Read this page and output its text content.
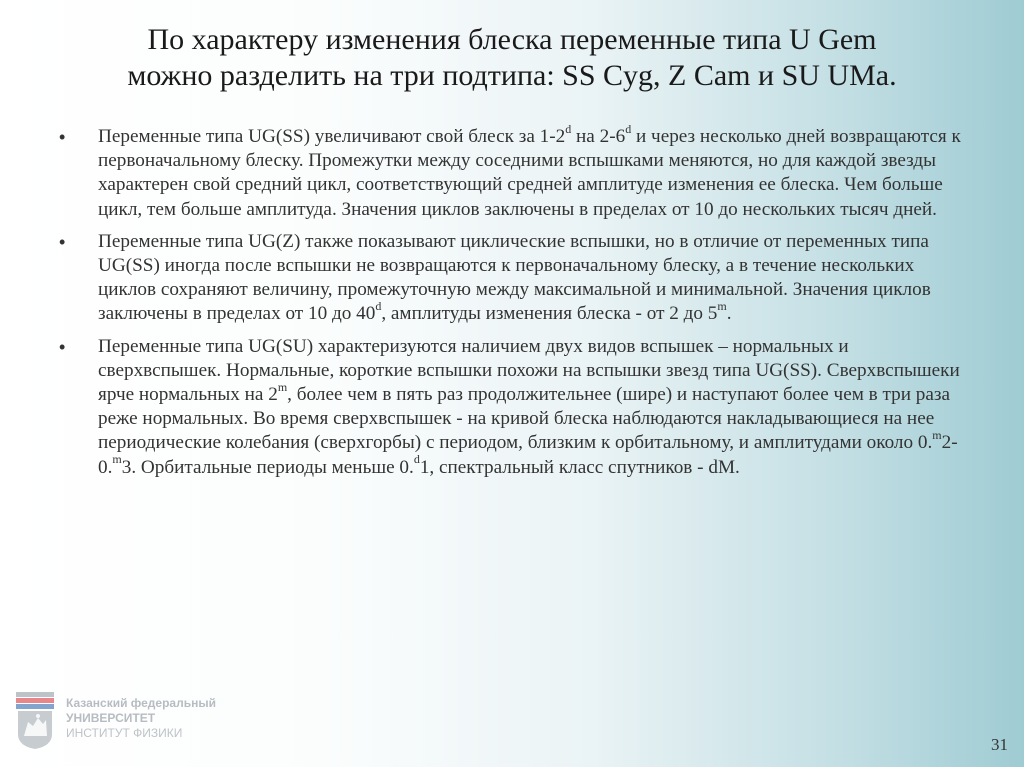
По характеру изменения блеска переменные типа U Gem
можно разделить на три подтипа: SS Cyg, Z Cam и SU UMa.
• Переменные типа UG(SS) увеличивают свой блеск за 1-2$^d$ на 2-6$^d$ и через несколько дней возвращаются к первоначальному блеску. Промежутки между соседними вспышками меняются, но для каждой звезды характерен свой средний цикл, соответствующий средней амплитуде изменения ее блеска. Чем больше цикл, тем больше амплитуда. Значения циклов заключены в пределах от 10 до нескольких тысяч дней.
• Переменные типа UG(Z) также показывают циклические вспышки, но в отличие от переменных типа UG(SS) иногда после вспышки не возвращаются к первоначальному блеску, а в течение нескольких циклов сохраняют величину, промежуточную между максимальной и минимальной. Значения циклов заключены в пределах от 10 до 40$^d$, амплитуды изменения блеска - от 2 до 5$^m$.
• Переменные типа UG(SU) характеризуются наличием двух видов вспышек – нормальных и сверхвспышек. Нормальные, короткие вспышки похожи на вспышки звезд типа UG(SS). Сверхвспышеки ярче нормальных на 2$^m$, более чем в пять раз продолжительнее (шире) и наступают более чем в три раза реже нормальных. Во время сверхвспышек - на кривой блеска наблюдаются накладывающиеся на нее периодические колебания (сверхгорбы) с периодом, близким к орбитальному, и амплитудами около 0.$^m$2-0.$^m$3. Орбитальные периоды меньше 0.$^d$1, спектральный класс спутников - dM.
Казанский федеральный
УНИВЕРСИТЕТ
ИНСТИТУТ ФИЗИКИ
31
